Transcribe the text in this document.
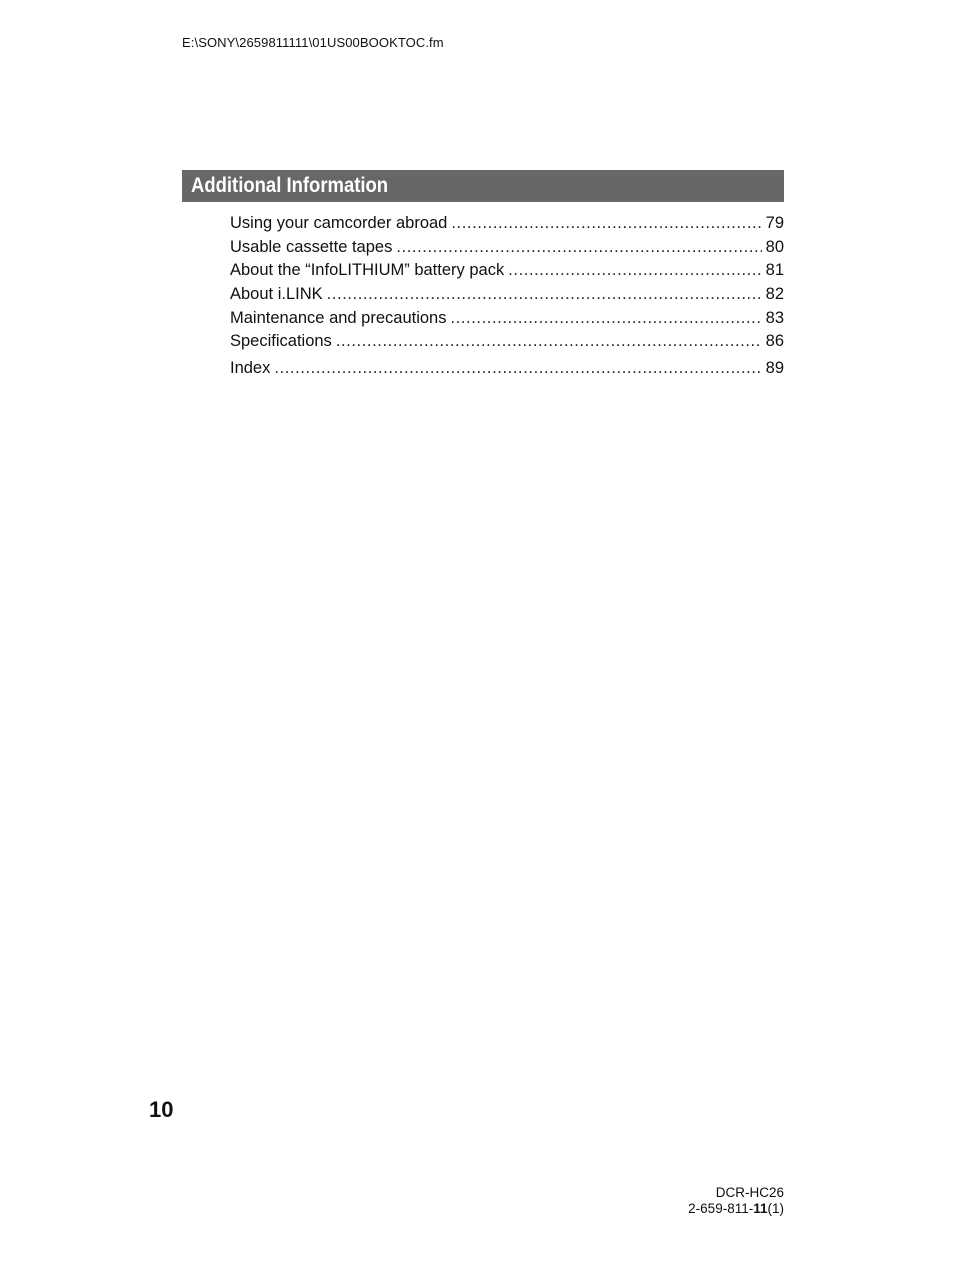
E:\SONY\2659811111\01US00BOOKTOC.fm
Additional Information
Using your camcorder abroad .....	79
Usable cassette tapes .....	80
About the “InfoLITHIUM” battery pack .....	81
About i.LINK .....	82
Maintenance and precautions .....	83
Specifications .....	86
Index .....	89
10
DCR-HC26
2-659-811-11(1)
